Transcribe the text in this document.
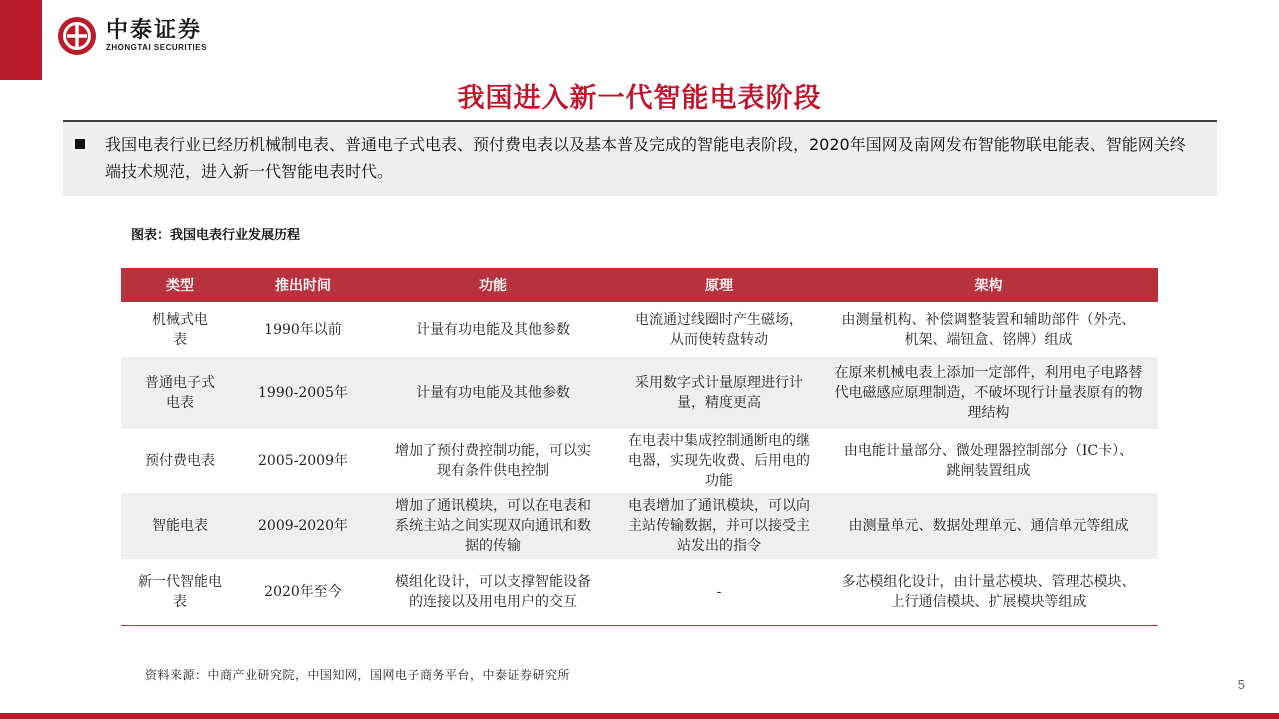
中泰证券
ZHONGTAI SECURITIES
我国进入新一代智能电表阶段
我国电表行业已经历机械制电表、普通电子式电表、预付费电表以及基本普及完成的智能电表阶段，2020年国网及南网发布智能物联电能表、智能网关终端技术规范，进入新一代智能电表时代。
图表：我国电表行业发展历程
类型	推出时间	功能	原理	架构
机械式电表	1990年以前	计量有功电能及其他参数	电流通过线圈时产生磁场，从而使转盘转动	由测量机构、补偿调整装置和辅助部件（外壳、机架、端钮盒、铭牌）组成
普通电子式电表	1990-2005年	计量有功电能及其他参数	采用数字式计量原理进行计量，精度更高	在原来机械电表上添加一定部件，利用电子电路替代电磁感应原理制造，不破坏现行计量表原有的物理结构
预付费电表	2005-2009年	增加了预付费控制功能，可以实现有条件供电控制	在电表中集成控制通断电的继电器，实现先收费、后用电的功能	由电能计量部分、微处理器控制部分（IC卡）、跳闸装置组成
智能电表	2009-2020年	增加了通讯模块，可以在电表和系统主站之间实现双向通讯和数据的传输	电表增加了通讯模块，可以向主站传输数据，并可以接受主站发出的指令	由测量单元、数据处理单元、通信单元等组成
新一代智能电表	2020年至今	模组化设计，可以支撑智能设备的连接以及用电用户的交互	-	多芯模组化设计，由计量芯模块、管理芯模块、上行通信模块、扩展模块等组成
资料来源：中商产业研究院，中国知网，国网电子商务平台，中泰证券研究所
5
